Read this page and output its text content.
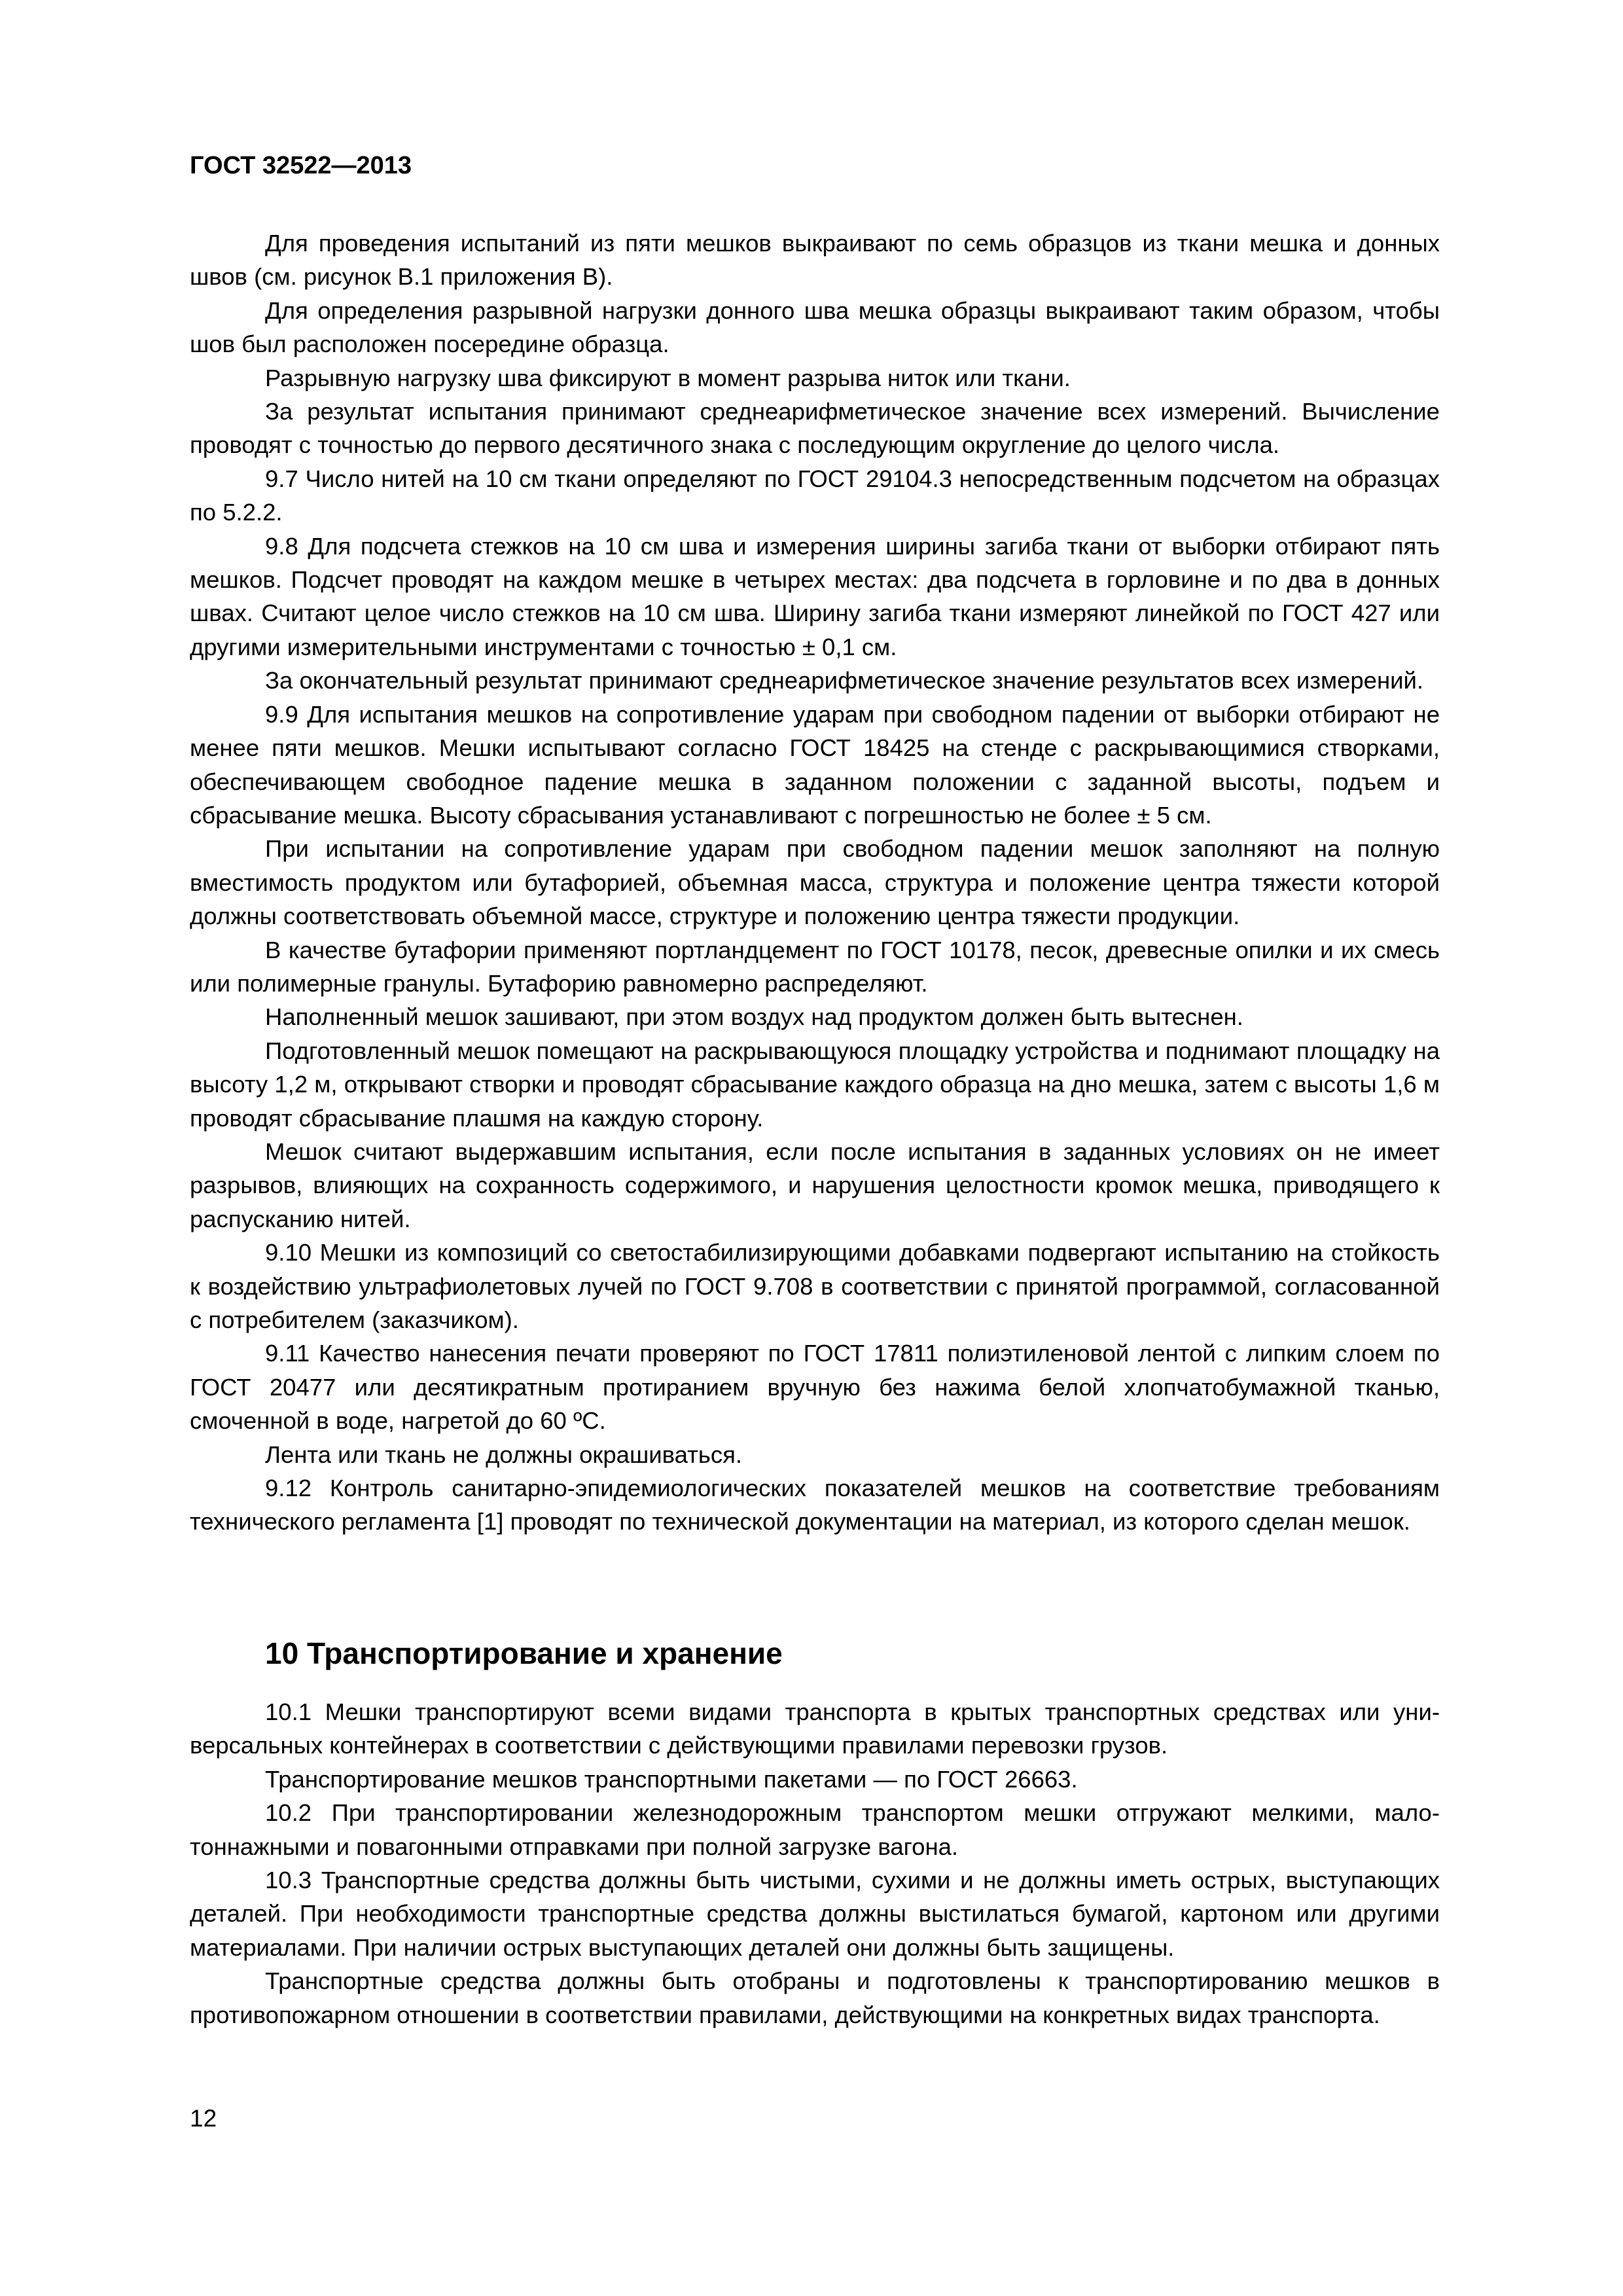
ГОСТ 32522—2013

Для проведения испытаний из пяти мешков выкраивают по семь образцов из ткани мешка и донных швов (см. рисунок В.1 приложения В).

Для определения разрывной нагрузки донного шва мешка образцы выкраивают таким образом, чтобы шов был расположен посередине образца.

Разрывную нагрузку шва фиксируют в момент разрыва ниток или ткани.

За результат испытания принимают среднеарифметическое значение всех измерений. Вычисление проводят с точностью до первого десятичного знака с последующим округление до целого числа.

9.7 Число нитей на 10 см ткани определяют по ГОСТ 29104.3 непосредственным подсчетом на образцах по 5.2.2.

9.8 Для подсчета стежков на 10 см шва и измерения ширины загиба ткани от выборки отбирают пять мешков. Подсчет проводят на каждом мешке в четырех местах: два подсчета в горловине и по два в донных швах. Считают целое число стежков на 10 см шва. Ширину загиба ткани измеряют линейкой по ГОСТ 427 или другими измерительными инструментами с точностью ± 0,1 см.

За окончательный результат принимают среднеарифметическое значение результатов всех измерений.

9.9 Для испытания мешков на сопротивление ударам при свободном падении от выборки отбирают не менее пяти мешков. Мешки испытывают согласно ГОСТ 18425 на стенде с раскрывающимися створками, обеспечивающем свободное падение мешка в заданном положении с заданной высоты, подъем и сбрасывание мешка. Высоту сбрасывания устанавливают с погрешностью не более ± 5 см.

При испытании на сопротивление ударам при свободном падении мешок заполняют на полную вместимость продуктом или бутафорией, объемная масса, структура и положение центра тяжести которой должны соответствовать объемной массе, структуре и положению центра тяжести продукции.

В качестве бутафории применяют портландцемент по ГОСТ 10178, песок, древесные опилки и их смесь или полимерные гранулы. Бутафорию равномерно распределяют.

Наполненный мешок зашивают, при этом воздух над продуктом должен быть вытеснен.

Подготовленный мешок помещают на раскрывающуюся площадку устройства и поднимают площадку на высоту 1,2 м, открывают створки и проводят сбрасывание каждого образца на дно мешка, затем с высоты 1,6 м проводят сбрасывание плашмя на каждую сторону.

Мешок считают выдержавшим испытания, если после испытания в заданных условиях он не имеет разрывов, влияющих на сохранность содержимого, и нарушения целостности кромок мешка, приводящего к распусканию нитей.

9.10 Мешки из композиций со светостабилизирующими добавками подвергают испытанию на стойкость к воздействию ультрафиолетовых лучей по ГОСТ 9.708 в соответствии с принятой программой, согласованной с потребителем (заказчиком).

9.11 Качество нанесения печати проверяют по ГОСТ 17811 полиэтиленовой лентой с липким слоем по ГОСТ 20477 или десятикратным протиранием вручную без нажима белой хлопчатобумажной тканью, смоченной в воде, нагретой до 60 ºС.

Лента или ткань не должны окрашиваться.

9.12 Контроль санитарно-эпидемиологических показателей мешков на соответствие требованиям технического регламента [1] проводят по технической документации на материал, из которого сделан мешок.

10 Транспортирование и хранение

10.1 Мешки транспортируют всеми видами транспорта в крытых транспортных средствах или универсальных контейнерах в соответствии с действующими правилами перевозки грузов.

Транспортирование мешков транспортными пакетами — по ГОСТ 26663.

10.2 При транспортировании железнодорожным транспортом мешки отгружают мелкими, малотоннажными и повагонными отправками при полной загрузке вагона.

10.3 Транспортные средства должны быть чистыми, сухими и не должны иметь острых, выступающих деталей. При необходимости транспортные средства должны выстилаться бумагой, картоном или другими материалами. При наличии острых выступающих деталей они должны быть защищены.

Транспортные средства должны быть отобраны и подготовлены к транспортированию мешков в противопожарном отношении в соответствии правилами, действующими на конкретных видах транспорта.

12
